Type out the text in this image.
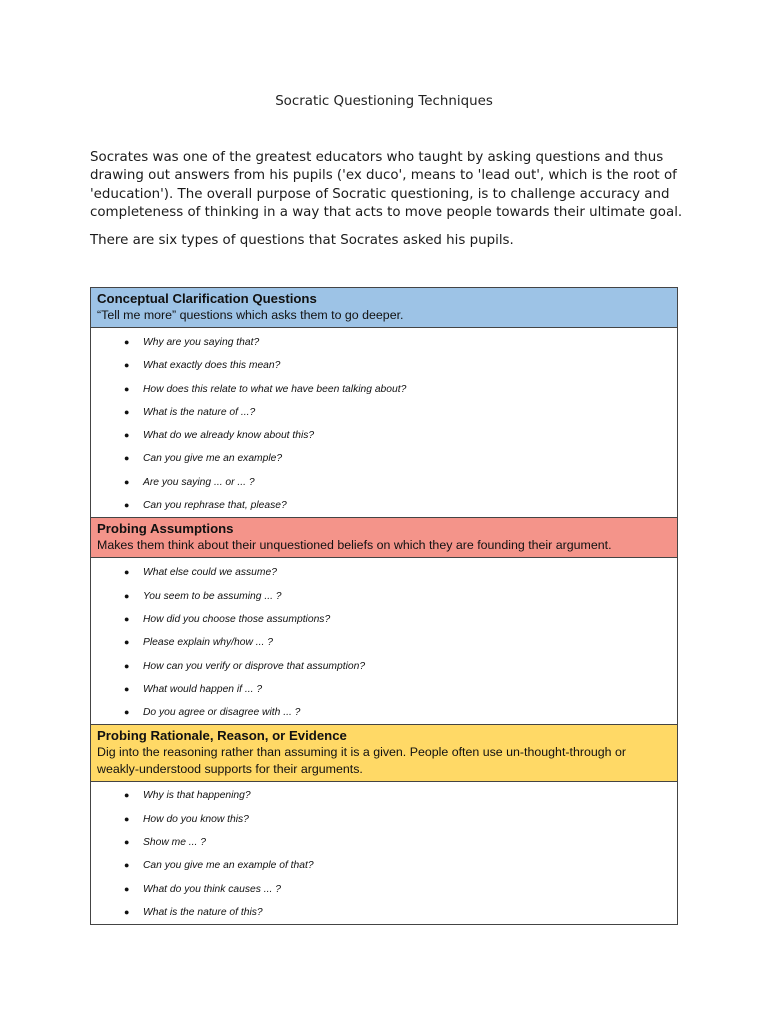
Socratic Questioning Techniques

Socrates was one of the greatest educators who taught by asking questions and thus drawing out answers from his pupils ('ex duco', means to 'lead out', which is the root of 'education'). The overall purpose of Socratic questioning, is to challenge accuracy and completeness of thinking in a way that acts to move people towards their ultimate goal.

There are six types of questions that Socrates asked his pupils.

Conceptual Clarification Questions
“Tell me more” questions which asks them to go deeper.
● Why are you saying that?
● What exactly does this mean?
● How does this relate to what we have been talking about?
● What is the nature of ...?
● What do we already know about this?
● Can you give me an example?
● Are you saying ... or ... ?
● Can you rephrase that, please?
Probing Assumptions
Makes them think about their unquestioned beliefs on which they are founding their argument.
● What else could we assume?
● You seem to be assuming ... ?
● How did you choose those assumptions?
● Please explain why/how ... ?
● How can you verify or disprove that assumption?
● What would happen if ... ?
● Do you agree or disagree with ... ?
Probing Rationale, Reason, or Evidence
Dig into the reasoning rather than assuming it is a given. People often use un-thought-through or weakly-understood supports for their arguments.
● Why is that happening?
● How do you know this?
● Show me ... ?
● Can you give me an example of that?
● What do you think causes ... ?
● What is the nature of this?
